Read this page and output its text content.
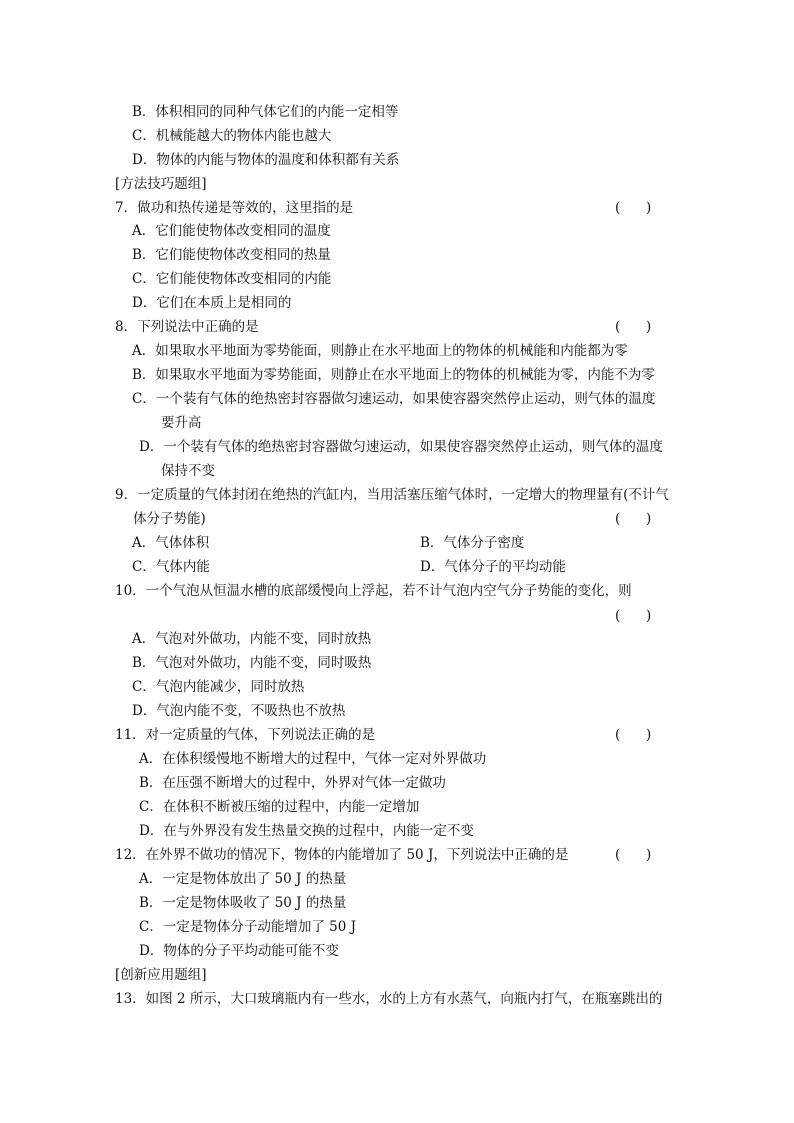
B．体积相同的同种气体它们的内能一定相等
C．机械能越大的物体内能也越大
D．物体的内能与物体的温度和体积都有关系
[方法技巧题组]
7．做功和热传递是等效的，这里指的是	(      )
A．它们能使物体改变相同的温度
B．它们能使物体改变相同的热量
C．它们能使物体改变相同的内能
D．它们在本质上是相同的
8．下列说法中正确的是	(      )
A．如果取水平地面为零势能面，则静止在水平地面上的物体的机械能和内能都为零
B．如果取水平地面为零势能面，则静止在水平地面上的物体的机械能为零，内能不为零
C．一个装有气体的绝热密封容器做匀速运动，如果使容器突然停止运动，则气体的温度
要升高
D．一个装有气体的绝热密封容器做匀速运动，如果使容器突然停止运动，则气体的温度
保持不变
9．一定质量的气体封闭在绝热的汽缸内，当用活塞压缩气体时，一定增大的物理量有(不计气
体分子势能)	(      )
A．气体体积	B．气体分子密度
C．气体内能	D．气体分子的平均动能
10．一个气泡从恒温水槽的底部缓慢向上浮起，若不计气泡内空气分子势能的变化，则
(      )
A．气泡对外做功，内能不变，同时放热
B．气泡对外做功，内能不变，同时吸热
C．气泡内能减少，同时放热
D．气泡内能不变，不吸热也不放热
11．对一定质量的气体，下列说法正确的是	(      )
A．在体积缓慢地不断增大的过程中，气体一定对外界做功
B．在压强不断增大的过程中，外界对气体一定做功
C．在体积不断被压缩的过程中，内能一定增加
D．在与外界没有发生热量交换的过程中，内能一定不变
12．在外界不做功的情况下，物体的内能增加了 50 J，下列说法中正确的是	(      )
A．一定是物体放出了 50 J 的热量
B．一定是物体吸收了 50 J 的热量
C．一定是物体分子动能增加了 50 J
D．物体的分子平均动能可能不变
[创新应用题组]
13．如图 2 所示，大口玻璃瓶内有一些水，水的上方有水蒸气，向瓶内打气，在瓶塞跳出的
